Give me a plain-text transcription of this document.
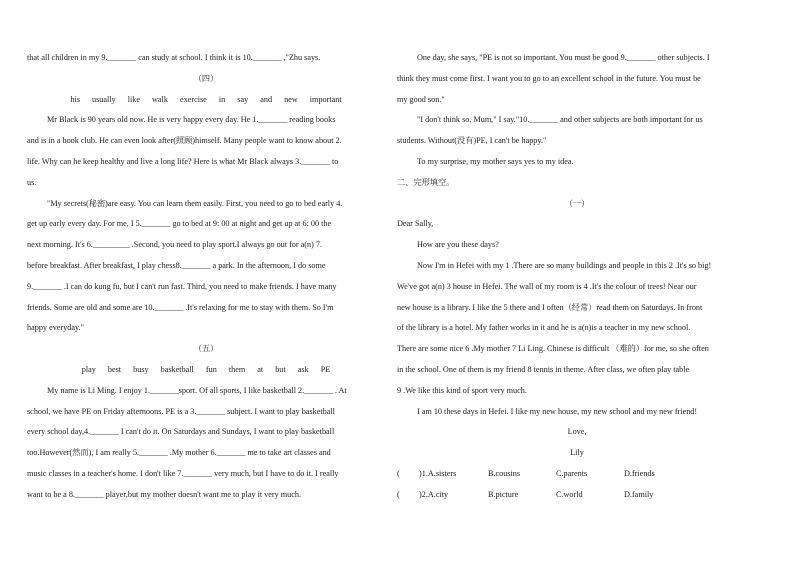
that all children in my 9._______ can study at school. I think it is 10._______ ,"Zhu says.

（四）

his usually like walk exercise in say and new important

Mr Black is 90 years old now. He is very happy every day. He 1._______ reading books

and is in a book club. He can even look after(照顾)himself. Many people want to know about 2.

life. Why can he keep healthy and live a long life? Here is what Mr Black always 3._______ to

us.

"My secrets(秘密)are easy. You can learn them easily. First, you need to go to bed early 4.

get up early every day. For me, I 5._______ go to bed at 9: 00 at night and get up at 6: 00 the

next morning. It's 6._________ .Second, you need to play sport.I always go out for a(n) 7.

before breakfast. After breakfast, I play chess8._______ a park. In the afternoon, I do some

9._______ .I can do kung fu, but I can't run fast. Third, you need to make friends. I have many

friends. Some are old and some are 10._______ .It's relaxing for me to stay with them. So I'm

happy everyday."

（五）

play best busy basketball fun them at but ask PE

My name is Li Ming. I enjoy 1._______sport. Of all sports, I like basketball 2._______ . At

school, we have PE on Friday afternoons. PE is a 3._______ subject. I want to play basketball

every school day,4._______ I can't do it. On Saturdays and Sundays, I want to play basketball

too.However(然而), I am really 5._______ .My mother 6._______ me to take art classes and

music classes in a teacher's home. I don't like 7._______ very much, but I have to do it. I really

want to be a 8._______ player,but my mother doesn't want me to play it very much.

One day, she says, "PE is not so important. You must be good 9._______ other subjects. I

think they must come first. I want you to go to an excellent school in the future. You must be

my good son."

"I don't think so, Mum," I say."10._______ and other subjects are both important for us

students. Without(没有)PE, I can't be happy."

To my surprise, my mother says yes to my idea.

二、完形填空。

（一）

Dear Sally,

How are you these days?

Now I'm in Hefei with my 1 .There are so many buildings and people in this 2 .It's so big!

We've got a(n) 3 house in Hefei. The wall of my room is 4 .It's the colour of trees! Near our

new house is a library. I like the 5 there and I often（经常）read them on Saturdays. In front

of the library is a hotel. My father works in it and he is a(n)is a teacher in my new school.

There are some nice 6 .My mother 7 Li Ling. Chinese is difficult （难的）for me, so she often

in the school. One of them is my friend 8 tennis in theme. After class, we often play table

9 .We like this kind of sport very much.

I am 10 these days in Hefei. I like my new house, my new school and my new friend!

Love,

Lily

(	)1.A.sisters	B.cousins	C.parents	D.friends
(	)2.A.city	B.picture	C.world	D.family
